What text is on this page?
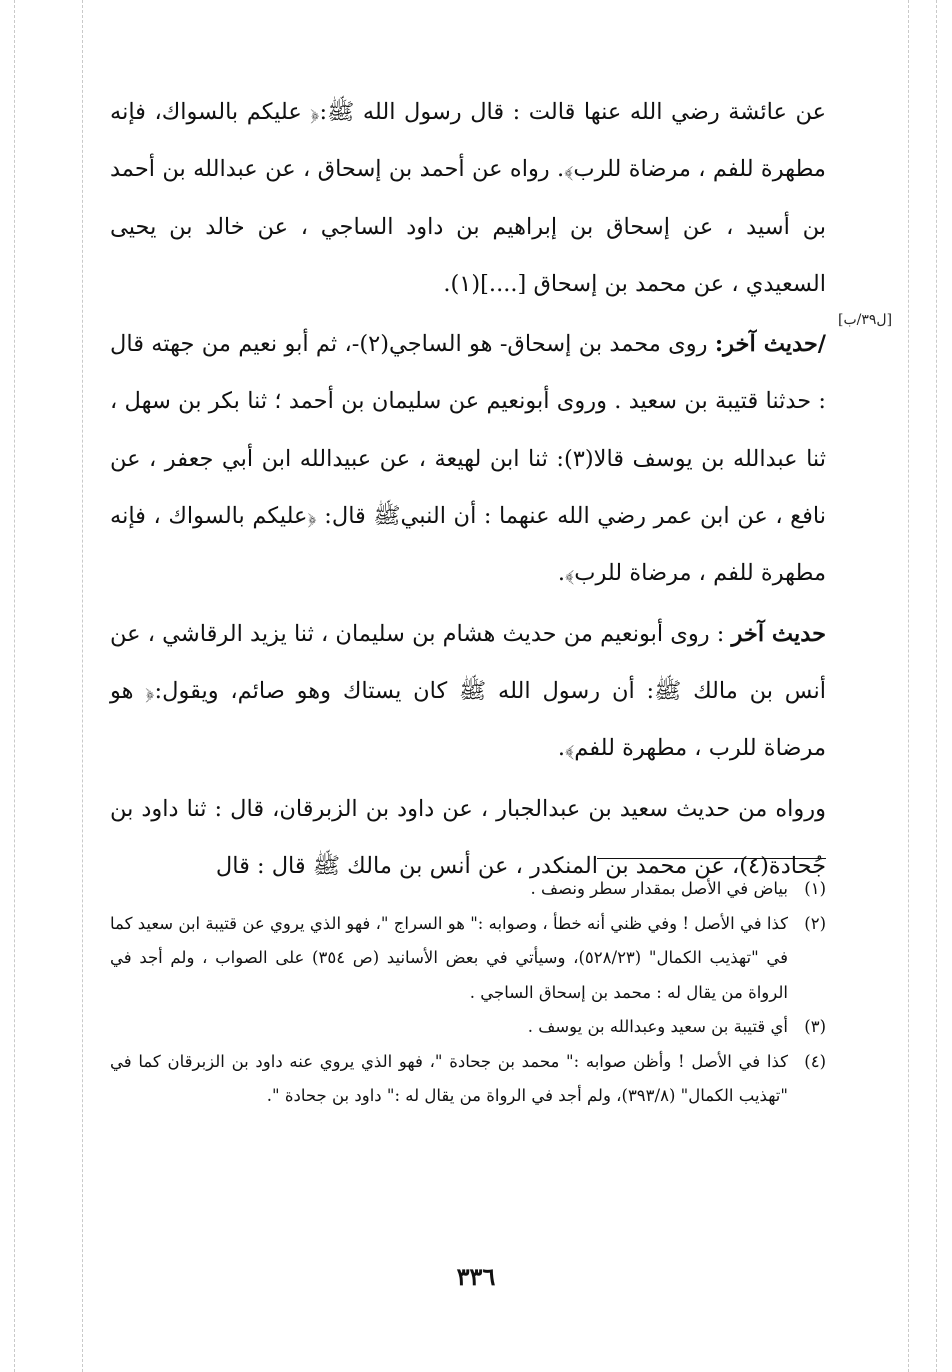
[ل٣٩/ب]

عن عائشة رضي الله عنها قالت : قال رسول الله ﷺ:﴿ عليكم بالسواك، فإنه مطهرة للفم ، مرضاة للرب﴾. رواه عن أحمد بن إسحاق ، عن عبدالله بن أحمد بن أسيد ، عن إسحاق بن إبراهيم بن داود الساجي ، عن خالد بن يحيى السعيدي ، عن محمد بن إسحاق [....](١).

/حديث آخر: روى محمد بن إسحاق- هو الساجي(٢)-، ثم أبو نعيم من جهته قال : حدثنا قتيبة بن سعيد . وروى أبونعيم عن سليمان بن أحمد ؛ ثنا بكر بن سهل ، ثنا عبدالله بن يوسف قالا(٣): ثنا ابن لهيعة ، عن عبيدالله ابن أبي جعفر ، عن نافع ، عن ابن عمر رضي الله عنهما : أن النبيﷺ قال: ﴿عليكم بالسواك ، فإنه مطهرة للفم ، مرضاة للرب﴾.

حديث آخر : روى أبونعيم من حديث هشام بن سليمان ، ثنا يزيد الرقاشي ، عن أنس بن مالك ﷺ: أن رسول الله ﷺ كان يستاك وهو صائم، ويقول:﴿ هو مرضاة للرب ، مطهرة للفم﴾.

ورواه من حديث سعيد بن عبدالجبار ، عن داود بن الزبرقان، قال : ثنا داود بن جُحادة(٤)، عن محمد بن المنكدر ، عن أنس بن مالك ﷺ قال : قال

(١)
بياض في الأصل بمقدار سطر ونصف .

(٢)
كذا في الأصل ! وفي ظني أنه خطأ ، وصوابه :" هو السراج "، فهو الذي يروي عن قتيبة ابن سعيد كما في "تهذيب الكمال" (٥٢٨/٢٣)، وسيأتي في بعض الأسانيد (ص ٣٥٤) على الصواب ، ولم أجد في الرواة من يقال له : محمد بن إسحاق الساجي .

(٣)
أي قتيبة بن سعيد وعبدالله بن يوسف .

(٤)
كذا في الأصل ! وأظن صوابه :" محمد بن جحادة "، فهو الذي يروي عنه داود بن الزبرقان كما في "تهذيب الكمال" (٣٩٣/٨)، ولم أجد في الرواة من يقال له :" داود بن جحادة ".

٣٣٦
